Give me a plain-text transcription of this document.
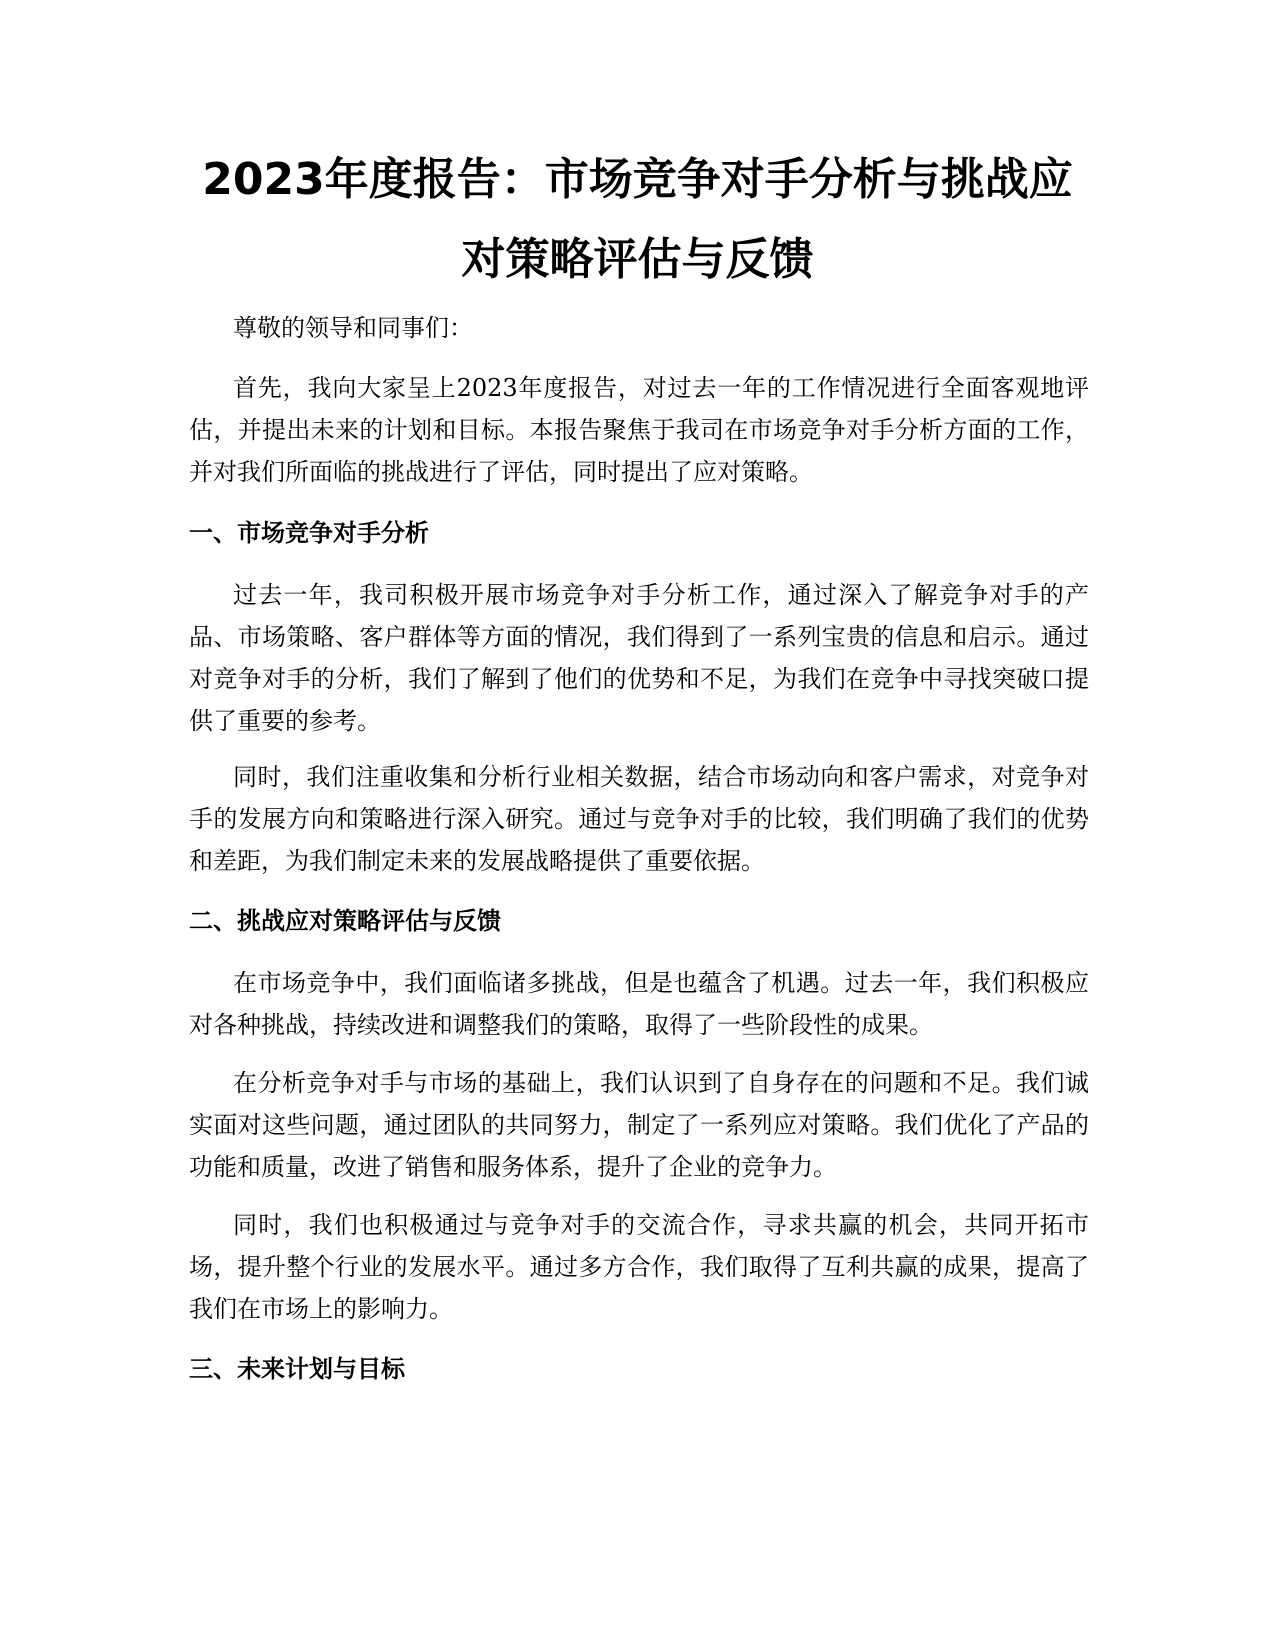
2023年度报告：市场竞争对手分析与挑战应
对策略评估与反馈

尊敬的领导和同事们：

首先，我向大家呈上2023年度报告，对过去一年的工作情况进行全面客观地评估，并提出未来的计划和目标。本报告聚焦于我司在市场竞争对手分析方面的工作，并对我们所面临的挑战进行了评估，同时提出了应对策略。

一、市场竞争对手分析

过去一年，我司积极开展市场竞争对手分析工作，通过深入了解竞争对手的产品、市场策略、客户群体等方面的情况，我们得到了一系列宝贵的信息和启示。通过对竞争对手的分析，我们了解到了他们的优势和不足，为我们在竞争中寻找突破口提供了重要的参考。

同时，我们注重收集和分析行业相关数据，结合市场动向和客户需求，对竞争对手的发展方向和策略进行深入研究。通过与竞争对手的比较，我们明确了我们的优势和差距，为我们制定未来的发展战略提供了重要依据。

二、挑战应对策略评估与反馈

在市场竞争中，我们面临诸多挑战，但是也蕴含了机遇。过去一年，我们积极应对各种挑战，持续改进和调整我们的策略，取得了一些阶段性的成果。

在分析竞争对手与市场的基础上，我们认识到了自身存在的问题和不足。我们诚实面对这些问题，通过团队的共同努力，制定了一系列应对策略。我们优化了产品的功能和质量，改进了销售和服务体系，提升了企业的竞争力。

同时，我们也积极通过与竞争对手的交流合作，寻求共赢的机会，共同开拓市场，提升整个行业的发展水平。通过多方合作，我们取得了互利共赢的成果，提高了我们在市场上的影响力。

三、未来计划与目标
